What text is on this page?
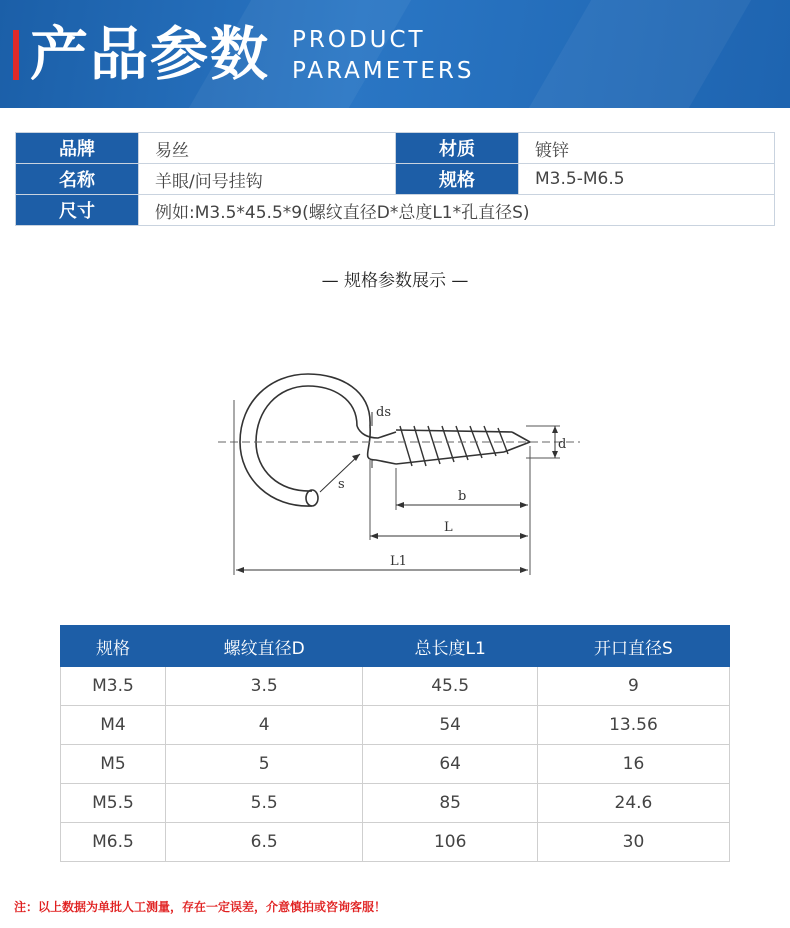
产品参数 PRODUCT
PARAMETERS
品牌	易丝	材质	镀锌
名称	羊眼/问号挂钩	规格	M3.5-M6.5
尺寸	例如:M3.5*45.5*9(螺纹直径D*总度L1*孔直径S)		
— 规格参数展示 —
ds
d
s
b
L
L1
规格	螺纹直径D	总长度L1	开口直径S
M3.5	3.5	45.5	9
M4	4	54	13.56
M5	5	64	16
M5.5	5.5	85	24.6
M6.5	6.5	106	30
注：以上数据为单批人工测量，存在一定误差，介意慎拍或咨询客服！
